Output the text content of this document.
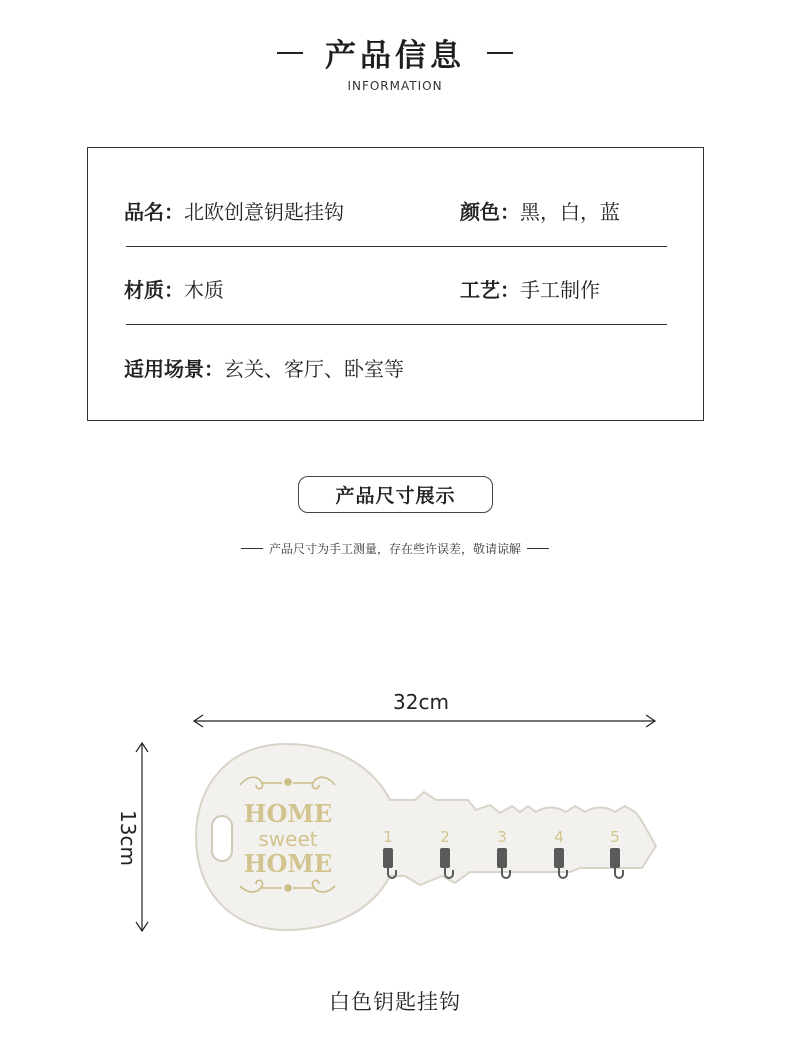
产品信息
INFORMATION
品名：北欧创意钥匙挂钩	颜色：黑，白，蓝
材质：木质	工艺：手工制作
适用场景：玄关、客厅、卧室等
产品尺寸展示
产品尺寸为手工测量，存在些许误差，敬请谅解
HOME
sweet
HOME
1	2	3	4	5
32cm
13cm
白色钥匙挂钩
